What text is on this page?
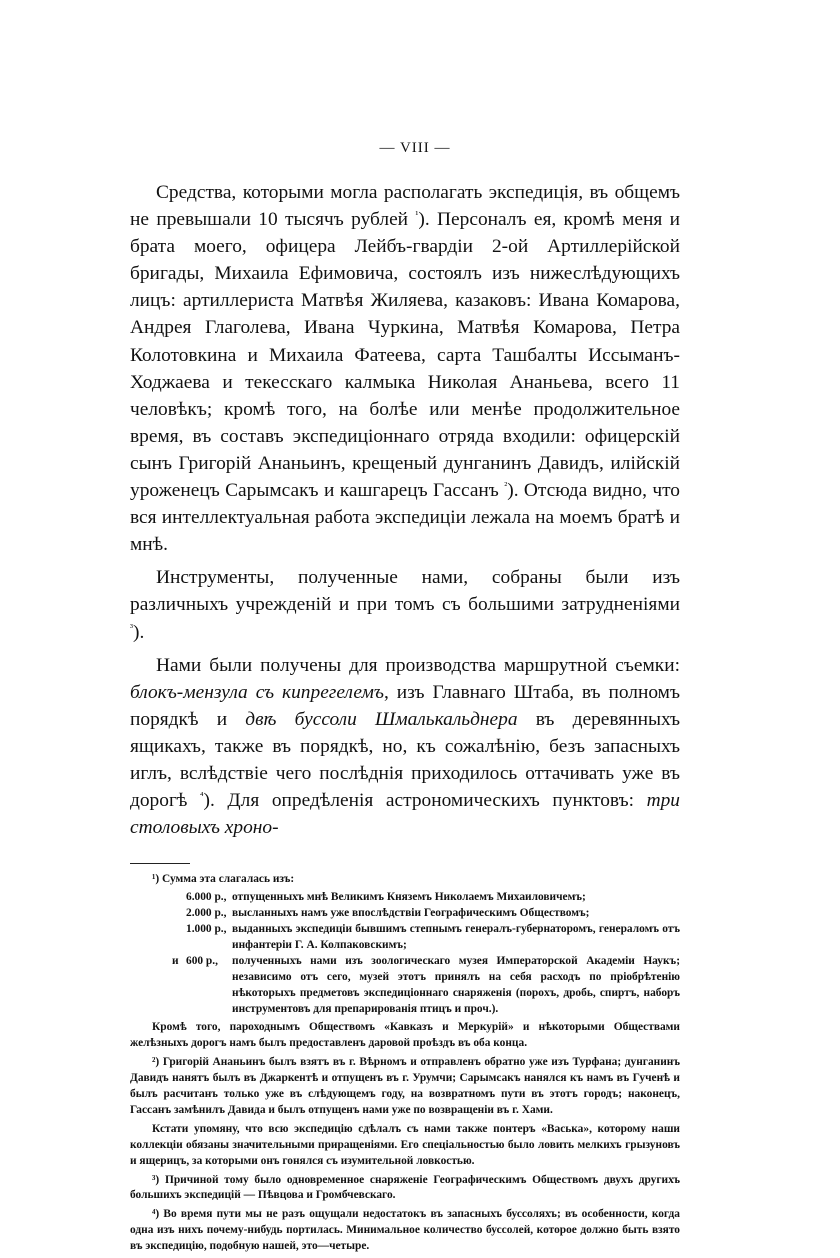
— VIII —

Средства, которыми могла располагать экспедиція, въ общемъ не превышали 10 тысячъ рублей $^{^1}$). Персоналъ ея, кромѣ меня и брата моего, офицера Лейбъ-гвардіи 2-ой Артиллерійской бригады, Михаила Ефимовича, состоялъ изъ нижеслѣдующихъ лицъ: артиллериста Матвѣя Жиляева, казаковъ: Ивана Комарова, Андрея Глаголева, Ивана Чуркина, Матвѣя Комарова, Петра Колотовкина и Михаила Фатеева, сарта Ташбалты Иссыманъ-Ходжаева и текесскаго калмыка Николая Ананьева, всего 11 человѣкъ; кромѣ того, на болѣе или менѣе продолжительное время, въ составъ экспедиціоннаго отряда входили: офицерскій сынъ Григорій Ананьинъ, крещеный дунганинъ Давидъ, илійскій уроженецъ Сарымсакъ и кашгарецъ Гассанъ $^{^2}$). Отсюда видно, что вся интеллектуальная работа экспедиціи лежала на моемъ братѣ и мнѣ.

Инструменты, полученные нами, собраны были изъ различныхъ учрежденій и при томъ съ большими затрудненіями $^{^3}$).

Нами были получены для производства маршрутной съемки: блокъ-мензула съ кипрегелемъ, изъ Главнаго Штаба, въ полномъ порядкѣ и двѣ буссоли Шмалькальднера въ деревянныхъ ящикахъ, также въ порядкѣ, но, къ сожалѣнію, безъ запасныхъ иглъ, вслѣдствіе чего послѣднія приходилось оттачивать уже въ дорогѣ $^{^4}$). Для опредѣленія астрономическихъ пунктовъ: три столовыхъ хроно-

¹) Сумма эта слагалась изъ:

6.000 р., отпущенныхъ мнѣ Великимъ Княземъ Николаемъ Михаиловичемъ;
2.000 р., высланныхъ намъ уже впослѣдствіи Географическимъ Обществомъ;
1.000 р., выданныхъ экспедиціи бывшимъ степнымъ генералъ-губернаторомъ, генераломъ отъ инфантеріи Г. А. Колпаковскимъ;
и 600 р.,	полученныхъ нами изъ зоологическаго музея Императорской Академіи Наукъ; независимо отъ сего, музей этотъ принялъ на себя расходъ по пріобрѣтенію нѣкоторыхъ предметовъ экспедиціоннаго снаряженія (пороxъ, дробь, спиртъ, наборъ инструментовъ для препарированія птицъ и проч.).

Кромѣ того, пароходнымъ Обществомъ «Кавказъ и Меркурій» и нѣкоторыми Обществами желѣзныхъ дорогъ намъ былъ предоставленъ даровой проѣздъ въ оба конца.

²) Григорій Ананьинъ былъ взятъ въ г. Вѣрномъ и отправленъ обратно уже изъ Турфана; дунганинъ Давидъ нанятъ былъ въ Джаркентѣ и отпущенъ въ г. Урумчи; Сарымсакъ нанялся къ намъ въ Гученѣ и былъ расчитанъ только уже въ слѣдующемъ году, на возвратномъ пути въ этотъ городъ; наконецъ, Гассанъ замѣнилъ Давида и былъ отпущенъ нами уже по возвращеніи въ г. Хами.

Кстати упомяну, что всю экспедицію сдѣлалъ съ нами также понтеръ «Васька», которому наши коллекціи обязаны значительными приращеніями. Его спеціальностью было ловить мелкихъ грызуновъ и ящерицъ, за которыми онъ гонялся съ изумительной ловкостью.

³) Причиной тому было одновременное снаряженіе Географическимъ Обществомъ двухъ другихъ большихъ экспедицій — Пѣвцова и Громбчевскаго.

⁴) Во время пути мы не разъ ощущали недостатокъ въ запасныхъ буссоляхъ; въ особенности, когда одна изъ нихъ почему-нибудь портилась. Минимальное количество буссолей, которое должно быть взято въ экспедицію, подобную нашей, это—четыре.
